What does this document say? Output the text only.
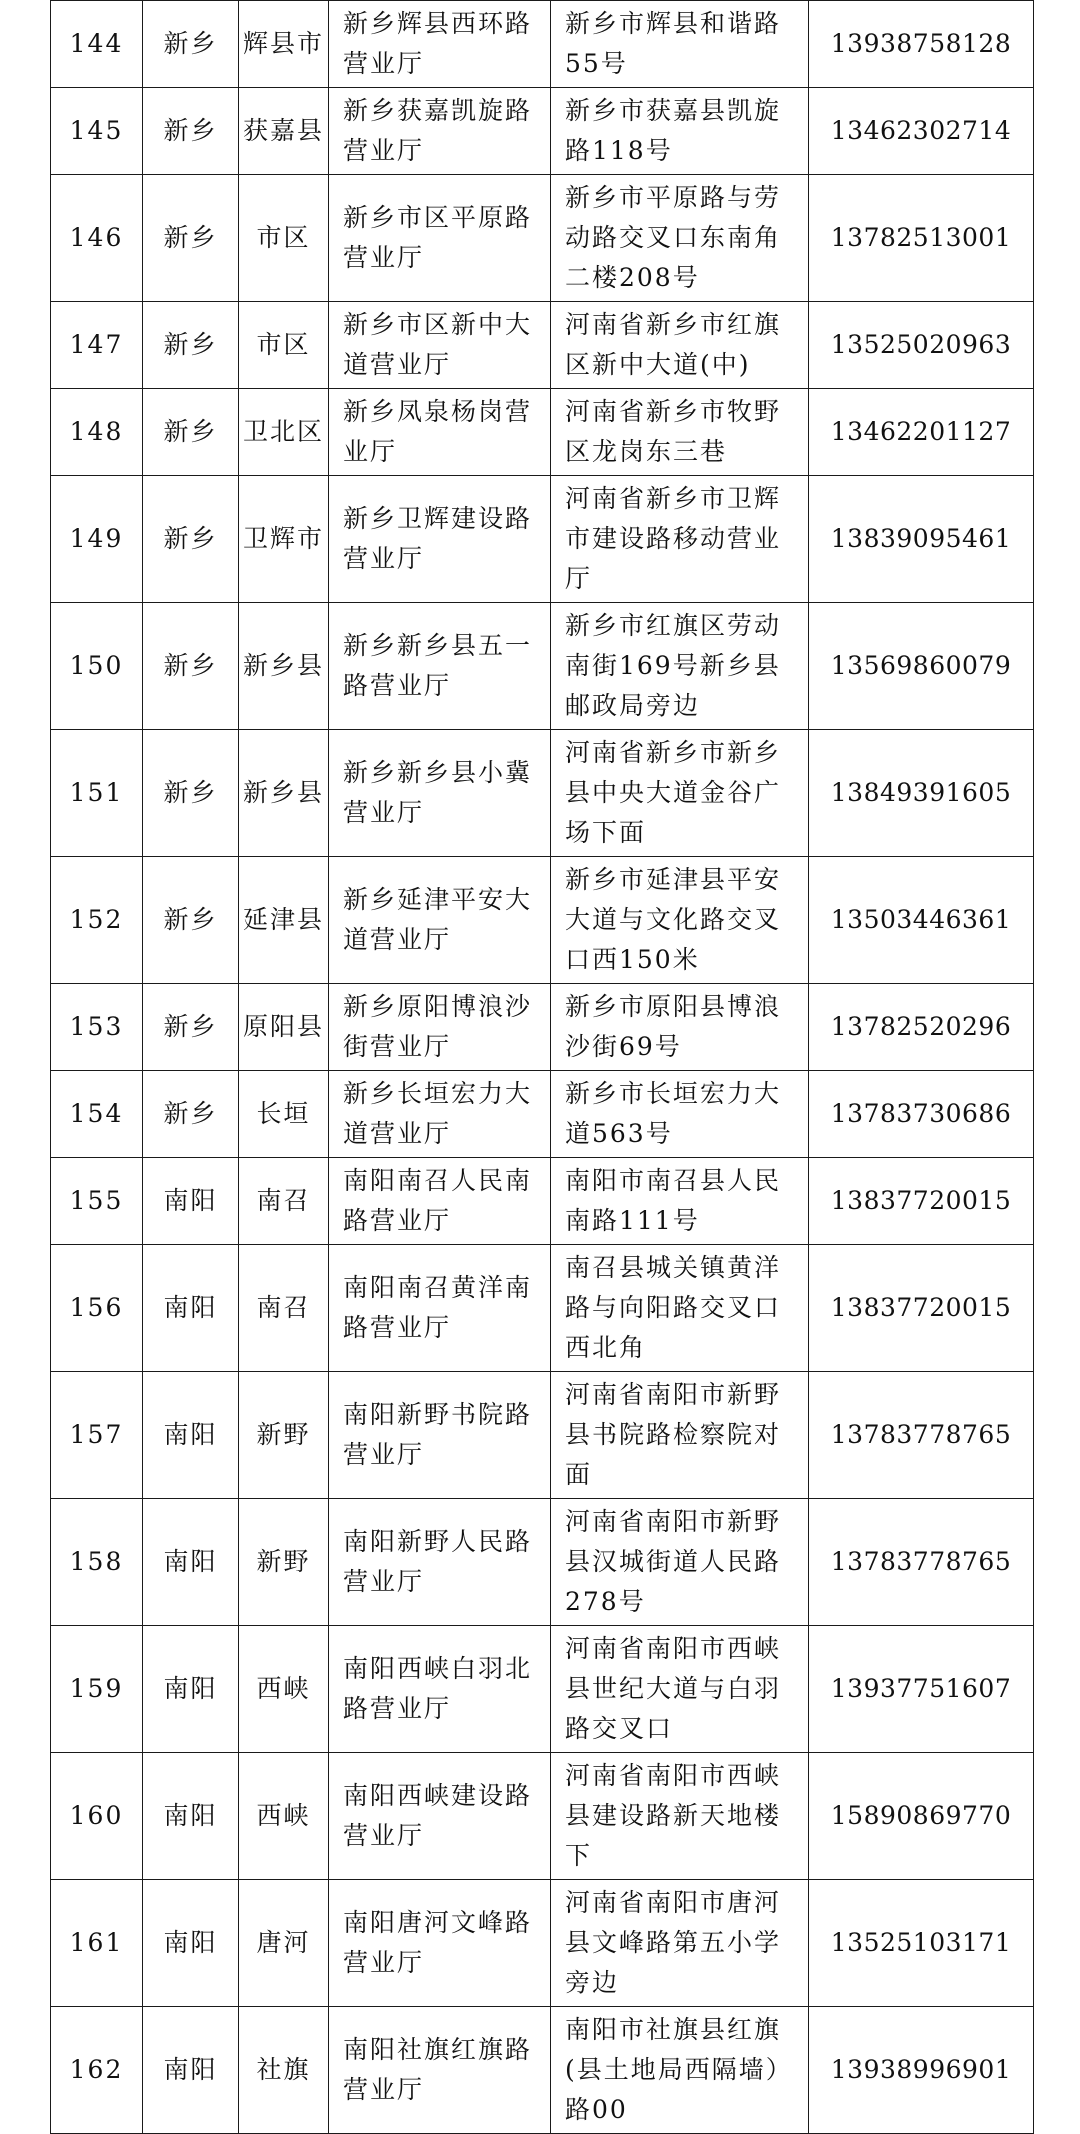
144	新乡	辉县市	新乡辉县西环路营业厅	新乡市辉县和谐路55号	13938758128
145	新乡	获嘉县	新乡获嘉凯旋路营业厅	新乡市获嘉县凯旋路118号	13462302714
146	新乡	市区	新乡市区平原路营业厅	新乡市平原路与劳动路交叉口东南角二楼208号	13782513001
147	新乡	市区	新乡市区新中大道营业厅	河南省新乡市红旗区新中大道(中)	13525020963
148	新乡	卫北区	新乡凤泉杨岗营业厅	河南省新乡市牧野区龙岗东三巷	13462201127
149	新乡	卫辉市	新乡卫辉建设路营业厅	河南省新乡市卫辉市建设路移动营业厅	13839095461
150	新乡	新乡县	新乡新乡县五一路营业厅	新乡市红旗区劳动南街169号新乡县邮政局旁边	13569860079
151	新乡	新乡县	新乡新乡县小冀营业厅	河南省新乡市新乡县中央大道金谷广场下面	13849391605
152	新乡	延津县	新乡延津平安大道营业厅	新乡市延津县平安大道与文化路交叉口西150米	13503446361
153	新乡	原阳县	新乡原阳博浪沙街营业厅	新乡市原阳县博浪沙街69号	13782520296
154	新乡	长垣	新乡长垣宏力大道营业厅	新乡市长垣宏力大道563号	13783730686
155	南阳	南召	南阳南召人民南路营业厅	南阳市南召县人民南路111号	13837720015
156	南阳	南召	南阳南召黄洋南路营业厅	南召县城关镇黄洋路与向阳路交叉口西北角	13837720015
157	南阳	新野	南阳新野书院路营业厅	河南省南阳市新野县书院路检察院对面	13783778765
158	南阳	新野	南阳新野人民路营业厅	河南省南阳市新野县汉城街道人民路278号	13783778765
159	南阳	西峡	南阳西峡白羽北路营业厅	河南省南阳市西峡县世纪大道与白羽路交叉口	13937751607
160	南阳	西峡	南阳西峡建设路营业厅	河南省南阳市西峡县建设路新天地楼下	15890869770
161	南阳	唐河	南阳唐河文峰路营业厅	河南省南阳市唐河县文峰路第五小学旁边	13525103171
162	南阳	社旗	南阳社旗红旗路营业厅	南阳市社旗县红旗(县土地局西隔墙）路00	13938996901
